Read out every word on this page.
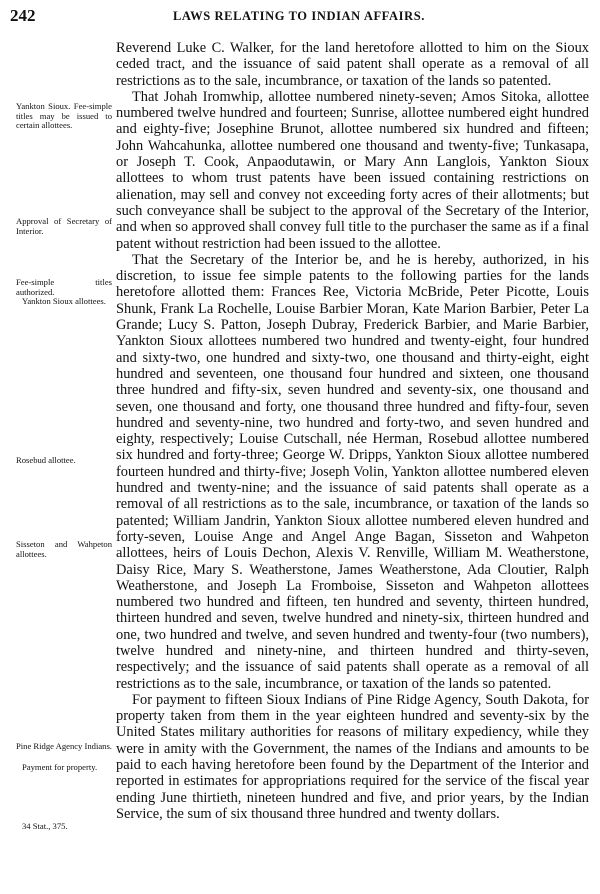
242	LAWS RELATING TO INDIAN AFFAIRS.
Yankton Sioux. Fee-simple titles may be issued to certain allottees.
Approval of Secretary of Interior.
Fee-simple titles authorized.
Yankton Sioux allottees.
Rosebud allottee.
Sisseton and Wahpeton allottees.
Pine Ridge Agency Indians.
Payment for property.
34 Stat., 375.

Reverend Luke C. Walker, for the land heretofore allotted to him on the Sioux ceded tract, and the issuance of said patent shall operate as a removal of all restrictions as to the sale, incumbrance, or taxation of the lands so patented.

That Johah Iromwhip, allottee numbered ninety-seven; Amos Sitoka, allottee numbered twelve hundred and fourteen; Sunrise, allottee numbered eight hundred and eighty-five; Josephine Brunot, allottee numbered six hundred and fifteen; John Wahcahunka, allottee numbered one thousand and twenty-five; Tunkasapa, or Joseph T. Cook, Anpaodutawin, or Mary Ann Langlois, Yankton Sioux allottees to whom trust patents have been issued containing restrictions on alienation, may sell and convey not exceeding forty acres of their allotments; but such conveyance shall be subject to the approval of the Secretary of the Interior, and when so approved shall convey full title to the purchaser the same as if a final patent without restriction had been issued to the allottee.

That the Secretary of the Interior be, and he is hereby, authorized, in his discretion, to issue fee simple patents to the following parties for the lands heretofore allotted them: Frances Ree, Victoria McBride, Peter Picotte, Louis Shunk, Frank La Rochelle, Louise Barbier Moran, Kate Marion Barbier, Peter La Grande; Lucy S. Patton, Joseph Dubray, Frederick Barbier, and Marie Barbier, Yankton Sioux allottees numbered two hundred and twenty-eight, four hundred and sixty-two, one hundred and sixty-two, one thousand and thirty-eight, eight hundred and seventeen, one thousand four hundred and sixteen, one thousand three hundred and fifty-six, seven hundred and seventy-six, one thousand and seven, one thousand and forty, one thousand three hundred and fifty-four, seven hundred and seventy-nine, two hundred and forty-two, and seven hundred and eighty, respectively; Louise Cutschall, née Herman, Rosebud allottee numbered six hundred and forty-three; George W. Dripps, Yankton Sioux allottee numbered fourteen hundred and thirty-five; Joseph Volin, Yankton allottee numbered eleven hundred and twenty-nine; and the issuance of said patents shall operate as a removal of all restrictions as to the sale, incumbrance, or taxation of the lands so patented; William Jandrin, Yankton Sioux allottee numbered eleven hundred and forty-seven, Louise Ange and Angel Ange Bagan, Sisseton and Wahpeton allottees, heirs of Louis Dechon, Alexis V. Renville, William M. Weatherstone, Daisy Rice, Mary S. Weatherstone, James Weatherstone, Ada Cloutier, Ralph Weatherstone, and Joseph La Fromboise, Sisseton and Wahpeton allottees numbered two hundred and fifteen, ten hundred and seventy, thirteen hundred, thirteen hundred and seven, twelve hundred and ninety-six, thirteen hundred and one, two hundred and twelve, and seven hundred and twenty-four (two numbers), twelve hundred and ninety-nine, and thirteen hundred and thirty-seven, respectively; and the issuance of said patents shall operate as a removal of all restrictions as to the sale, incumbrance, or taxation of the lands so patented.

For payment to fifteen Sioux Indians of Pine Ridge Agency, South Dakota, for property taken from them in the year eighteen hundred and seventy-six by the United States military authorities for reasons of military expediency, while they were in amity with the Government, the names of the Indians and amounts to be paid to each having heretofore been found by the Department of the Interior and reported in estimates for appropriations required for the service of the fiscal year ending June thirtieth, nineteen hundred and five, and prior years, by the Indian Service, the sum of six thousand three hundred and twenty dollars.
